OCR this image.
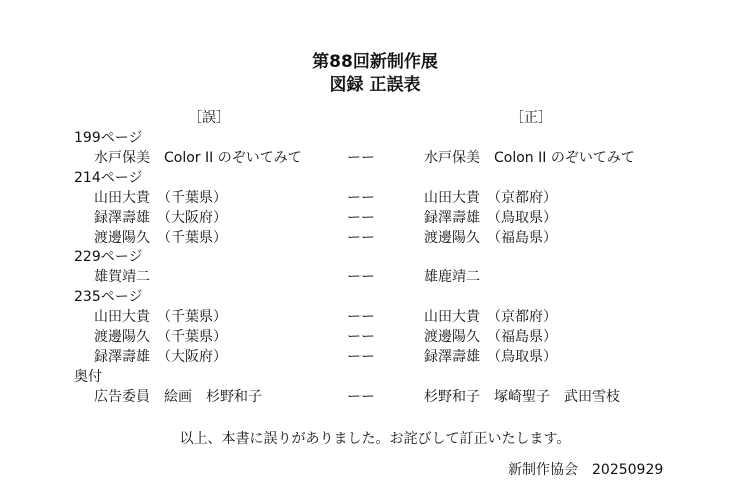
第88回新制作展
図録 正誤表
［誤］	［正］
199ページ
水戸保美　Color II のぞいてみて	ーー	水戸保美　Colon II のぞいてみて
214ページ
山田大貴　（千葉県）	ーー	山田大貴　（京都府）
録澤壽雄　（大阪府）	ーー	録澤壽雄　（鳥取県）
渡邊陽久　（千葉県）	ーー	渡邊陽久　（福島県）
229ページ
雄賀靖二	ーー	雄鹿靖二
235ページ
山田大貴　（千葉県）	ーー	山田大貴　（京都府）
渡邊陽久　（千葉県）	ーー	渡邊陽久　（福島県）
録澤壽雄　（大阪府）	ーー	録澤壽雄　（鳥取県）
奥付
広告委員　絵画　杉野和子	ーー	杉野和子　塚崎聖子　武田雪枝
以上、本書に誤りがありました。お詫びして訂正いたします。
新制作協会　20250929
